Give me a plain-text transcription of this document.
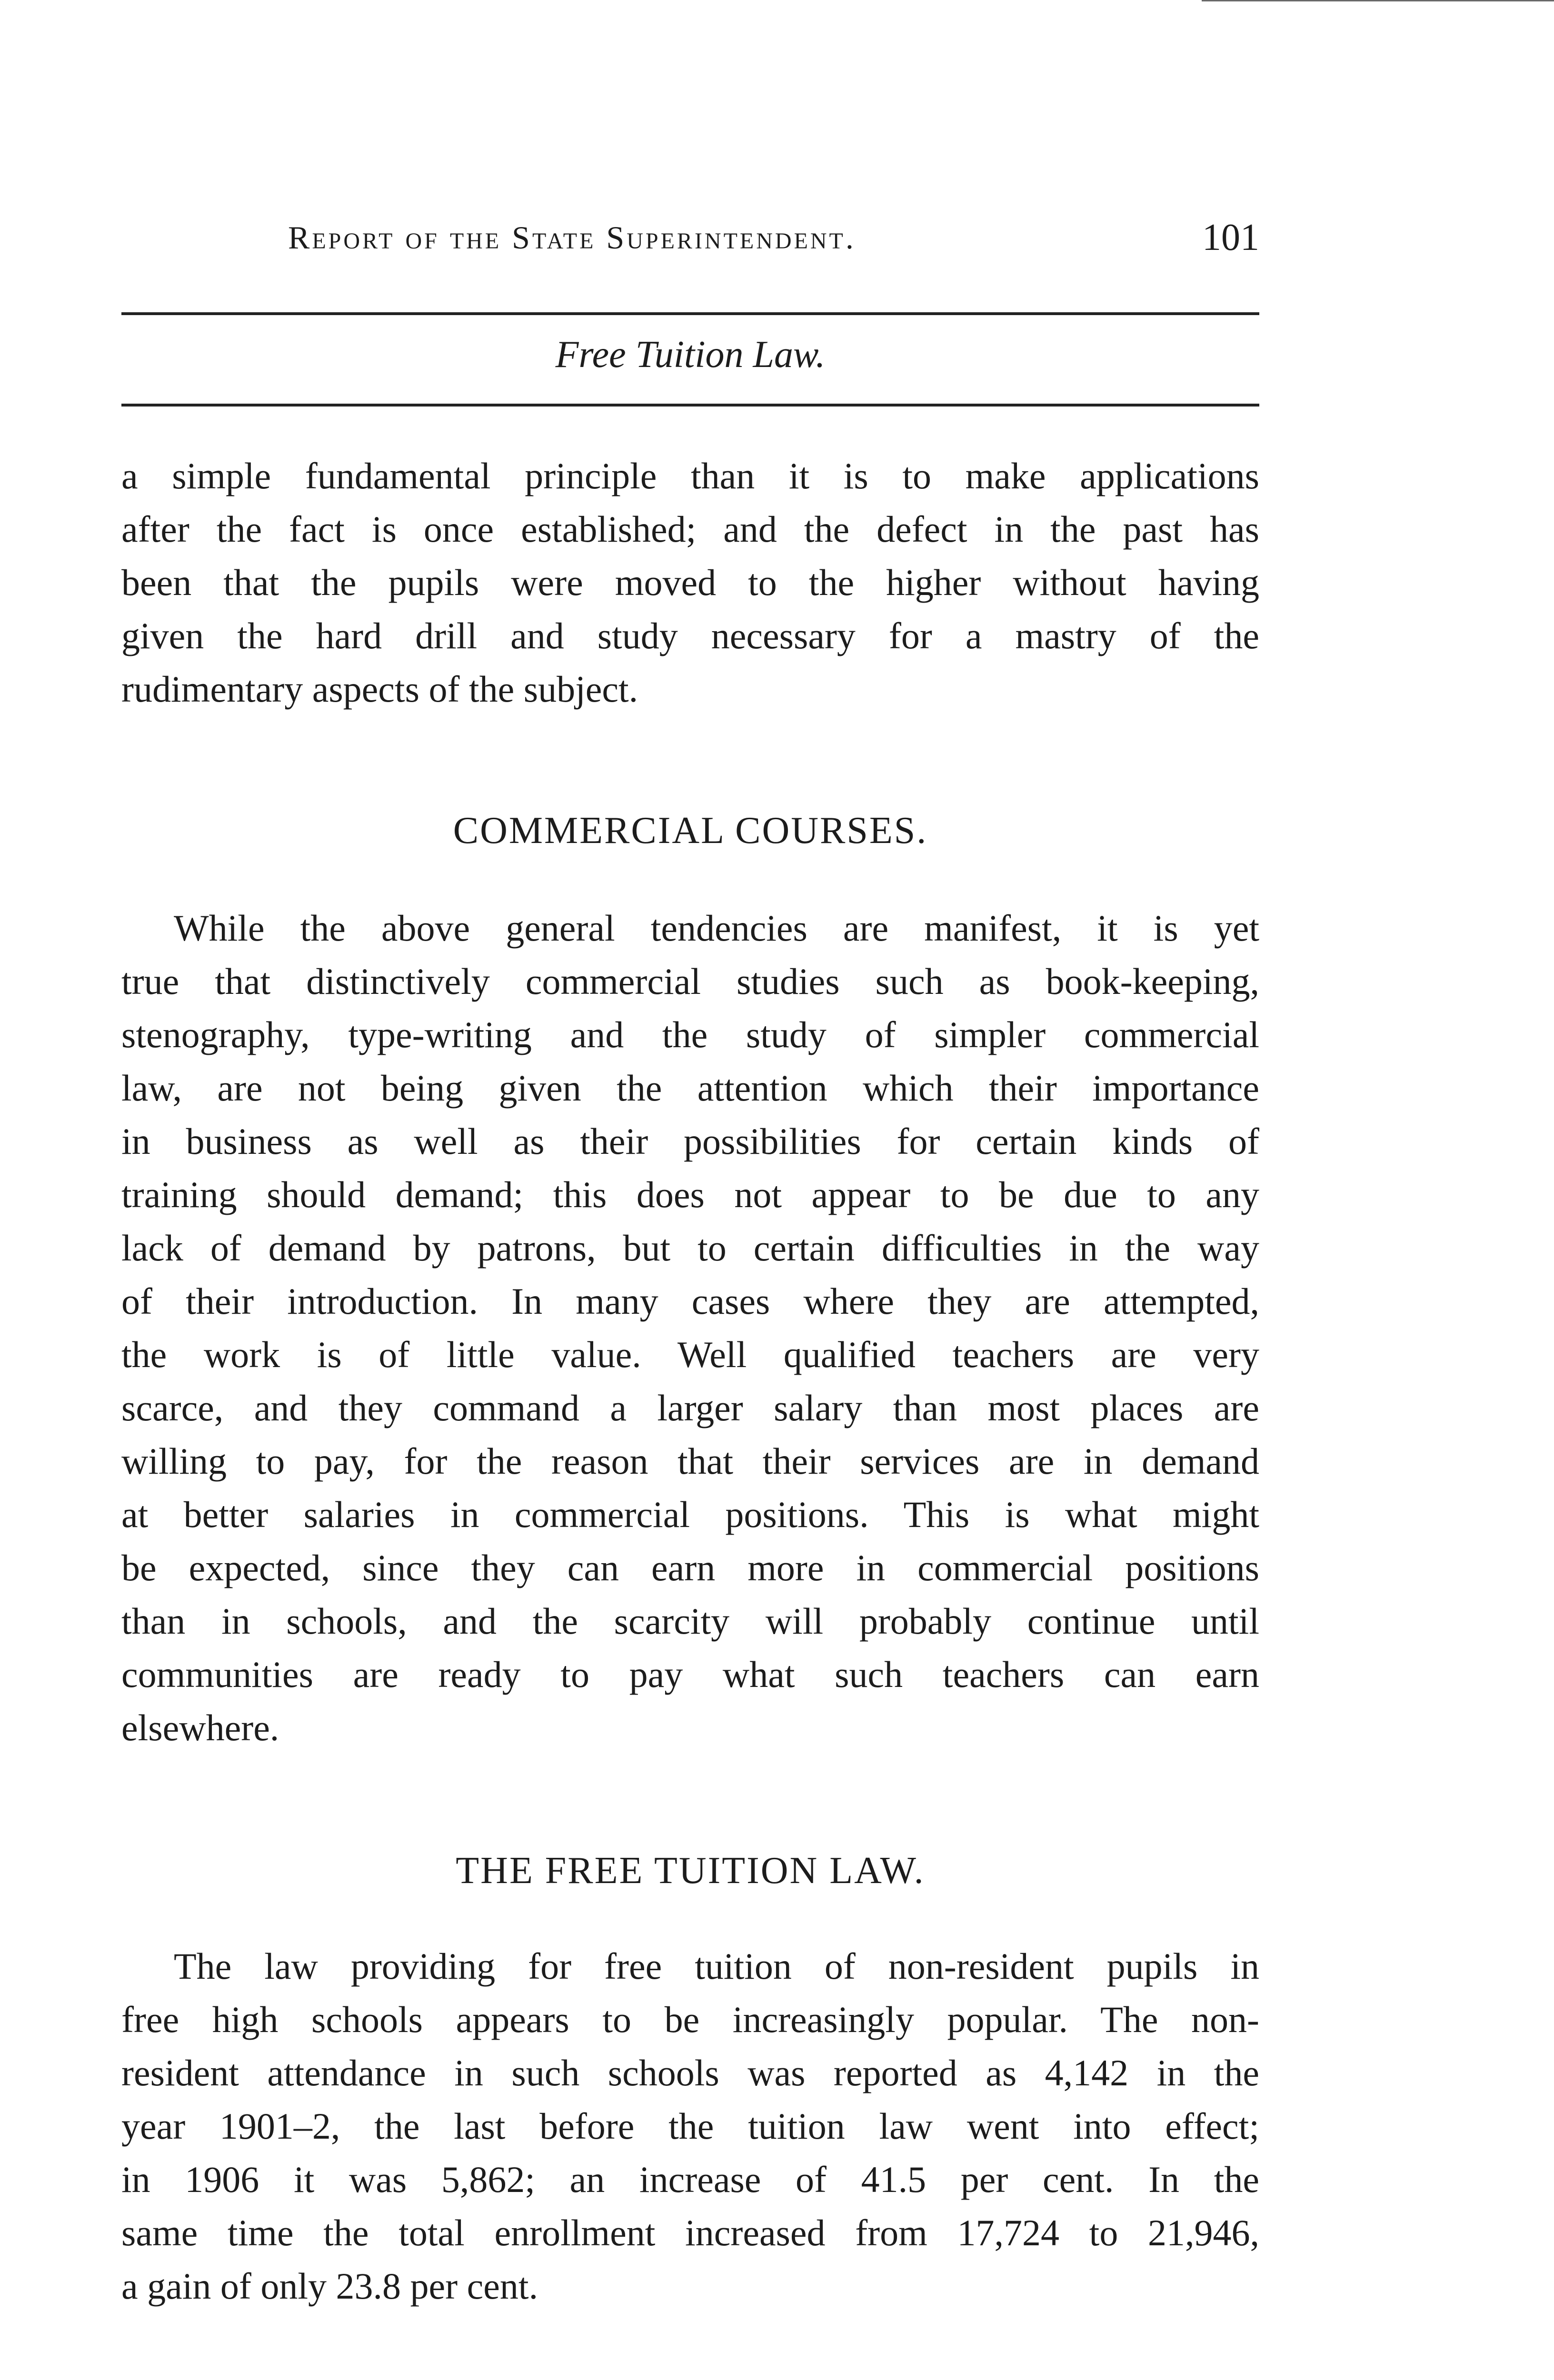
Report of the State Superintendent.	101
Free Tuition Law.
a simple fundamental principle than it is to make applications
after the fact is once established; and the defect in the past has
been that the pupils were moved to the higher without having
given the hard drill and study necessary for a mastry of the
rudimentary aspects of the subject.
COMMERCIAL COURSES.
While the above general tendencies are manifest, it is yet
true that distinctively commercial studies such as book-keeping,
stenography, type-writing and the study of simpler commercial
law, are not being given the attention which their importance
in business as well as their possibilities for certain kinds of
training should demand; this does not appear to be due to any
lack of demand by patrons, but to certain difficulties in the way
of their introduction. In many cases where they are attempted,
the work is of little value. Well qualified teachers are very
scarce, and they command a larger salary than most places are
willing to pay, for the reason that their services are in demand
at better salaries in commercial positions. This is what might
be expected, since they can earn more in commercial positions
than in schools, and the scarcity will probably continue until
communities are ready to pay what such teachers can earn
elsewhere.
THE FREE TUITION LAW.
The law providing for free tuition of non-resident pupils in
free high schools appears to be increasingly popular. The non-
resident attendance in such schools was reported as 4,142 in the
year 1901–2, the last before the tuition law went into effect;
in 1906 it was 5,862; an increase of 41.5 per cent. In the
same time the total enrollment increased from 17,724 to 21,946,
a gain of only 23.8 per cent.
